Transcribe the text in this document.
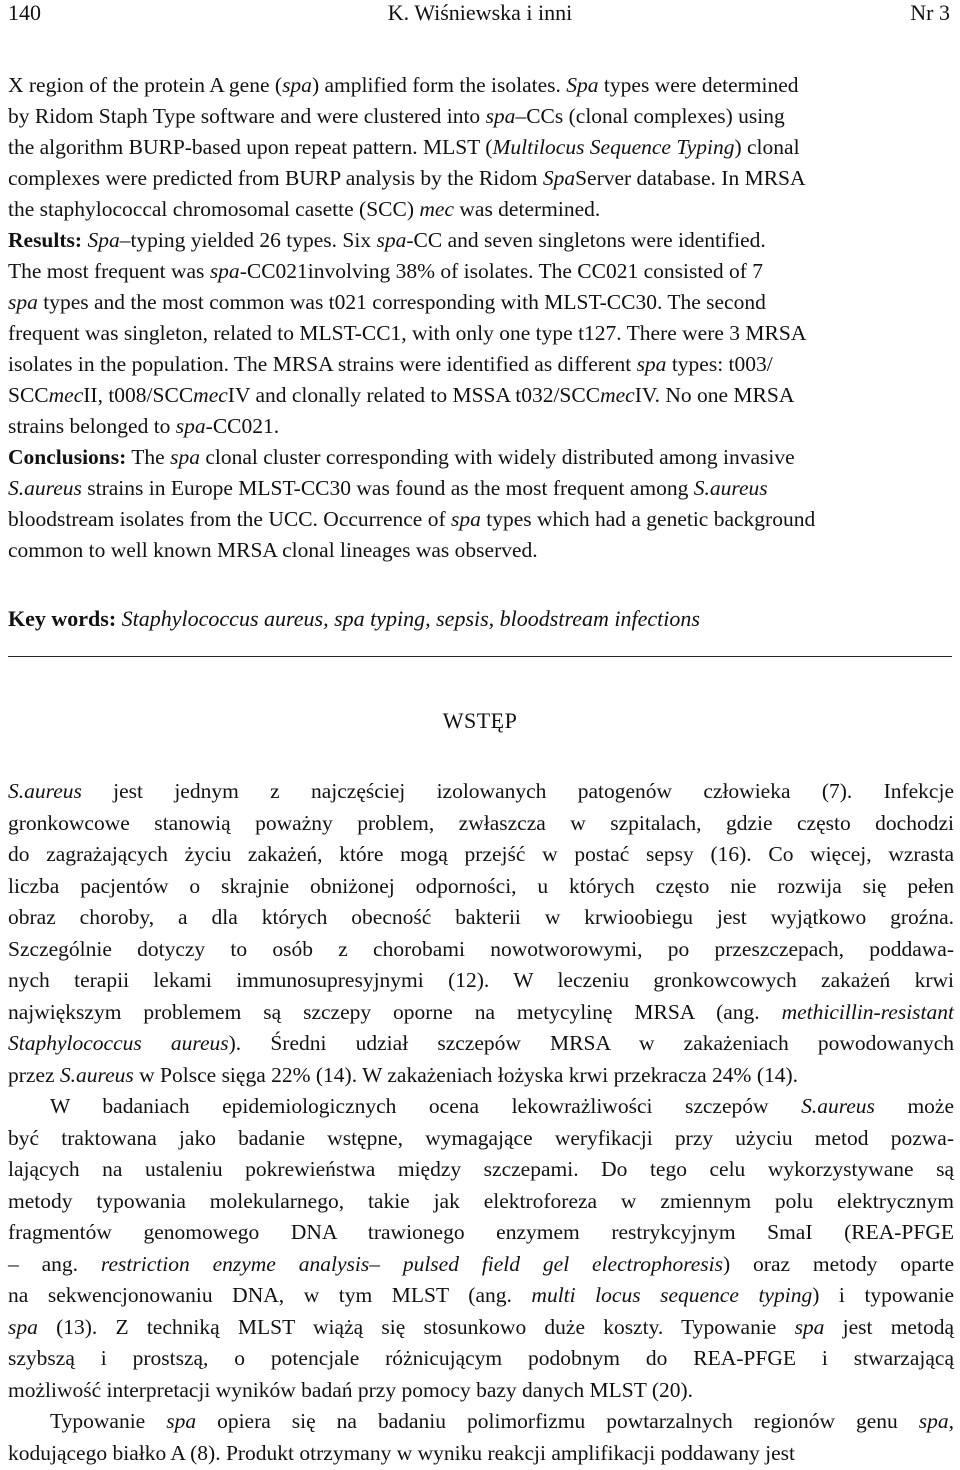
140	K. Wiśniewska i inni	Nr 3

X region of the protein A gene (spa) amplified form the isolates. Spa types were determined
by Ridom Staph Type software and were clustered into spa–CCs (clonal complexes) using
the algorithm BURP-based upon repeat pattern. MLST (Multilocus Sequence Typing) clonal
complexes were predicted from BURP analysis by the Ridom SpaServer database. In MRSA
the staphylococcal chromosomal casette (SCC) mec was determined.
Results: Spa–typing yielded 26 types. Six spa-CC and seven singletons were identified.
The most frequent was spa-CC021involving 38% of isolates. The CC021 consisted of 7
spa types and the most common was t021 corresponding with MLST-CC30. The second
frequent was singleton, related to MLST-CC1, with only one type t127. There were 3 MRSA
isolates in the population. The MRSA strains were identified as different spa types: t003/
SCCmecII, t008/SCCmecIV and clonally related to MSSA t032/SCCmecIV. No one MRSA
strains belonged to spa-CC021.
Conclusions: The spa clonal cluster corresponding with widely distributed among invasive
S.aureus strains in Europe MLST-CC30 was found as the most frequent among S.aureus
bloodstream isolates from the UCC. Occurrence of spa types which had a genetic background
common to well known MRSA clonal lineages was observed.

Key words: Staphylococcus aureus, spa typing, sepsis, bloodstream infections
WSTĘP

S.aureus jest jednym z najczęściej izolowanych patogenów człowieka (7). Infekcje
gronkowcowe stanowią poważny problem, zwłaszcza w szpitalach, gdzie często dochodzi
do zagrażających życiu zakażeń, które mogą przejść w postać sepsy (16). Co więcej, wzrasta
liczba pacjentów o skrajnie obniżonej odporności, u których często nie rozwija się pełen
obraz choroby, a dla których obecność bakterii w krwioobiegu jest wyjątkowo groźna.
Szczególnie dotyczy to osób z chorobami nowotworowymi, po przeszczepach, poddawa-
nych terapii lekami immunosupresyjnymi (12). W leczeniu gronkowcowych zakażeń krwi
największym problemem są szczepy oporne na metycylinę MRSA (ang. methicillin-resistant
Staphylococcus aureus). Średni udział szczepów MRSA w zakażeniach powodowanych
przez S.aureus w Polsce sięga 22% (14). W zakażeniach łożyska krwi przekracza 24% (14).
W badaniach epidemiologicznych ocena lekowrażliwości szczepów S.aureus może
być traktowana jako badanie wstępne, wymagające weryfikacji przy użyciu metod pozwa-
lających na ustaleniu pokrewieństwa między szczepami. Do tego celu wykorzystywane są
metody typowania molekularnego, takie jak elektroforeza w zmiennym polu elektrycznym
fragmentów genomowego DNA trawionego enzymem restrykcyjnym SmaI (REA-PFGE
– ang. restriction enzyme analysis– pulsed field gel electrophoresis) oraz metody oparte
na sekwencjonowaniu DNA, w tym MLST (ang. multi locus sequence typing) i typowanie
spa (13). Z techniką MLST wiążą się stosunkowo duże koszty. Typowanie spa jest metodą
szybszą i prostszą, o potencjale różnicującym podobnym do REA-PFGE i stwarzającą
możliwość interpretacji wyników badań przy pomocy bazy danych MLST (20).
Typowanie spa opiera się na badaniu polimorfizmu powtarzalnych regionów genu spa,
kodującego białko A (8). Produkt otrzymany w wyniku reakcji amplifikacji poddawany jest
